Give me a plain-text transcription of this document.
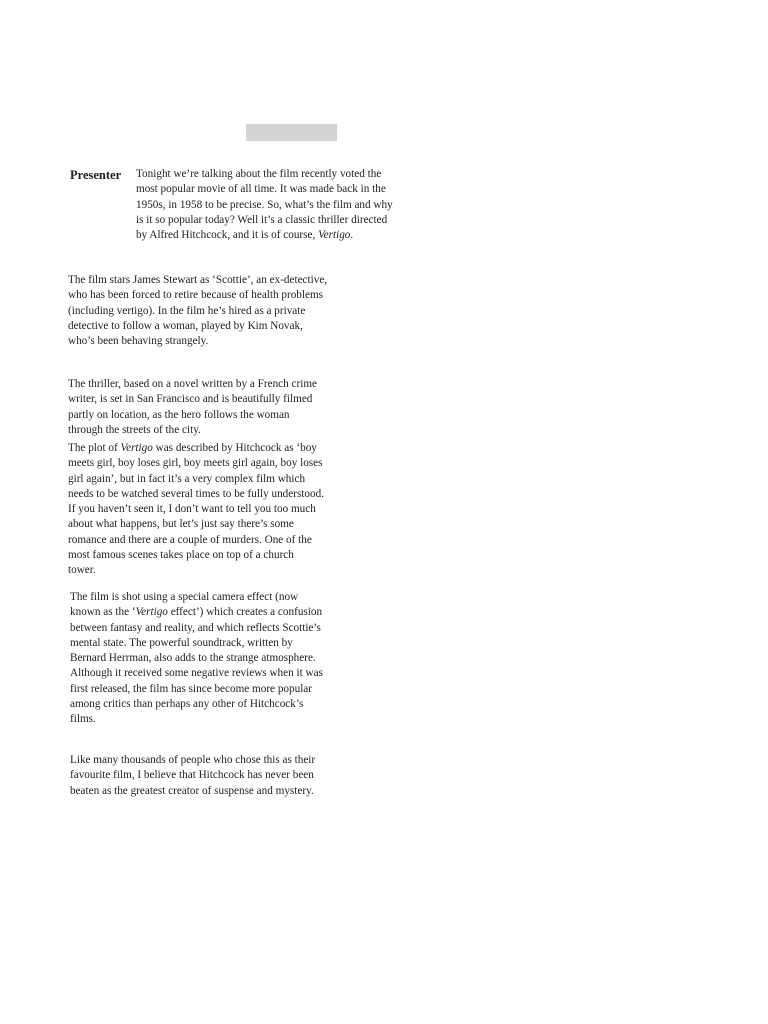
Presenter Tonight we’re talking about the film recently voted the most popular movie of all time. It was made back in the 1950s, in 1958 to be precise. So, what’s the film and why is it so popular today? Well it’s a classic thriller directed by Alfred Hitchcock, and it is of course, Vertigo.

The film stars James Stewart as ‘Scottie’, an ex-detective, who has been forced to retire because of health problems (including vertigo). In the film he’s hired as a private detective to follow a woman, played by Kim Novak, who’s been behaving strangely.

The thriller, based on a novel written by a French crime writer, is set in San Francisco and is beautifully filmed partly on location, as the hero follows the woman through the streets of the city.

The plot of Vertigo was described by Hitchcock as ‘boy meets girl, boy loses girl, boy meets girl again, boy loses girl again’, but in fact it’s a very complex film which needs to be watched several times to be fully understood. If you haven’t seen it, I don’t want to tell you too much about what happens, but let’s just say there’s some romance and there are a couple of murders. One of the most famous scenes takes place on top of a church tower.

The film is shot using a special camera effect (now known as the ‘Vertigo effect’) which creates a confusion between fantasy and reality, and which reflects Scottie’s mental state. The powerful soundtrack, written by Bernard Herrman, also adds to the strange atmosphere. Although it received some negative reviews when it was first released, the film has since become more popular among critics than perhaps any other of Hitchcock’s films.

Like many thousands of people who chose this as their favourite film, I believe that Hitchcock has never been beaten as the greatest creator of suspense and mystery.
